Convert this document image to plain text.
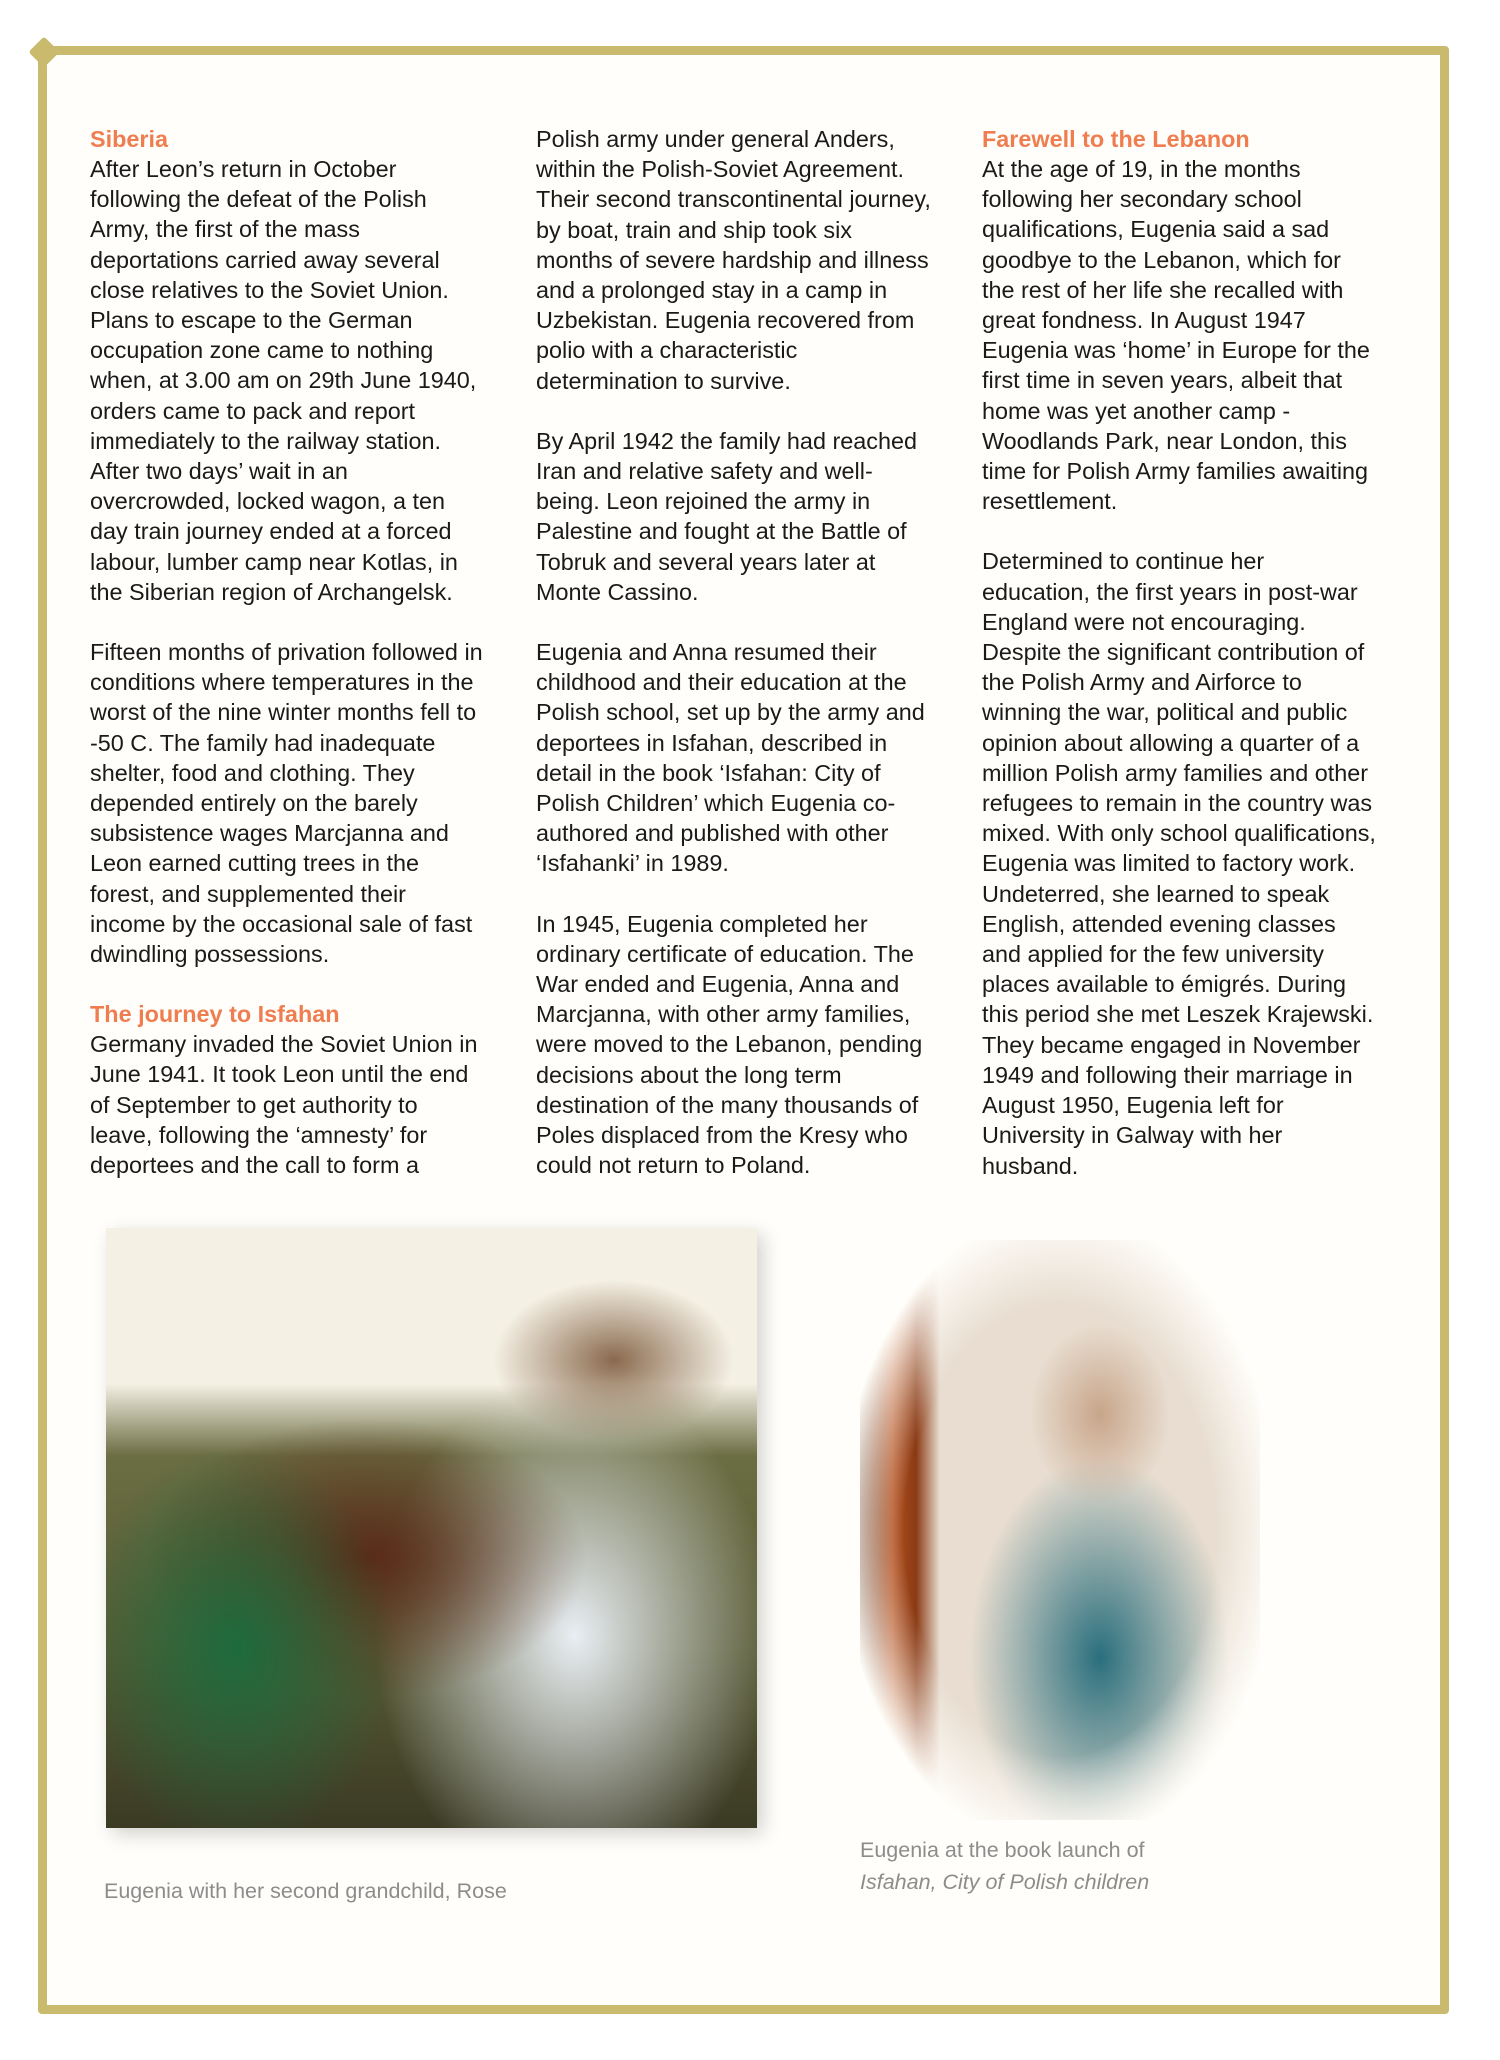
Siberia

After Leon’s return in October
following the defeat of the Polish
Army, the first of the mass
deportations carried away several
close relatives to the Soviet Union.
Plans to escape to the German
occupation zone came to nothing
when, at 3.00 am on 29th June 1940,
orders came to pack and report
immediately to the railway station.
After two days’ wait in an
overcrowded, locked wagon, a ten
day train journey ended at a forced
labour, lumber camp near Kotlas, in
the Siberian region of Archangelsk.

Fifteen months of privation followed in
conditions where temperatures in the
worst of the nine winter months fell to
-50 C. The family had inadequate
shelter, food and clothing. They
depended entirely on the barely
subsistence wages Marcjanna and
Leon earned cutting trees in the
forest, and supplemented their
income by the occasional sale of fast
dwindling possessions.

The journey to Isfahan

Germany invaded the Soviet Union in
June 1941. It took Leon until the end
of September to get authority to
leave, following the ‘amnesty’ for
deportees and the call to form a

Polish army under general Anders,
within the Polish-Soviet Agreement.
Their second transcontinental journey,
by boat, train and ship took six
months of severe hardship and illness
and a prolonged stay in a camp in
Uzbekistan. Eugenia recovered from
polio with a characteristic
determination to survive.

By April 1942 the family had reached
Iran and relative safety and well-
being. Leon rejoined the army in
Palestine and fought at the Battle of
Tobruk and several years later at
Monte Cassino.

Eugenia and Anna resumed their
childhood and their education at the
Polish school, set up by the army and
deportees in Isfahan, described in
detail in the book ‘Isfahan: City of
Polish Children’ which Eugenia co-
authored and published with other
‘Isfahanki’ in 1989.

In 1945, Eugenia completed her
ordinary certificate of education. The
War ended and Eugenia, Anna and
Marcjanna, with other army families,
were moved to the Lebanon, pending
decisions about the long term
destination of the many thousands of
Poles displaced from the Kresy who
could not return to Poland.

Farewell to the Lebanon

At the age of 19, in the months
following her secondary school
qualifications, Eugenia said a sad
goodbye to the Lebanon, which for
the rest of her life she recalled with
great fondness. In August 1947
Eugenia was ‘home’ in Europe for the
first time in seven years, albeit that
home was yet another camp -
Woodlands Park, near London, this
time for Polish Army families awaiting
resettlement.

Determined to continue her
education, the first years in post-war
England were not encouraging.
Despite the significant contribution of
the Polish Army and Airforce to
winning the war, political and public
opinion about allowing a quarter of a
million Polish army families and other
refugees to remain in the country was
mixed. With only school qualifications,
Eugenia was limited to factory work.
Undeterred, she learned to speak
English, attended evening classes
and applied for the few university
places available to émigrés. During
this period she met Leszek Krajewski.
They became engaged in November
1949 and following their marriage in
August 1950, Eugenia left for
University in Galway with her
husband.

Eugenia with her second grandchild, Rose
Eugenia at the book launch of
Isfahan, City of Polish children
